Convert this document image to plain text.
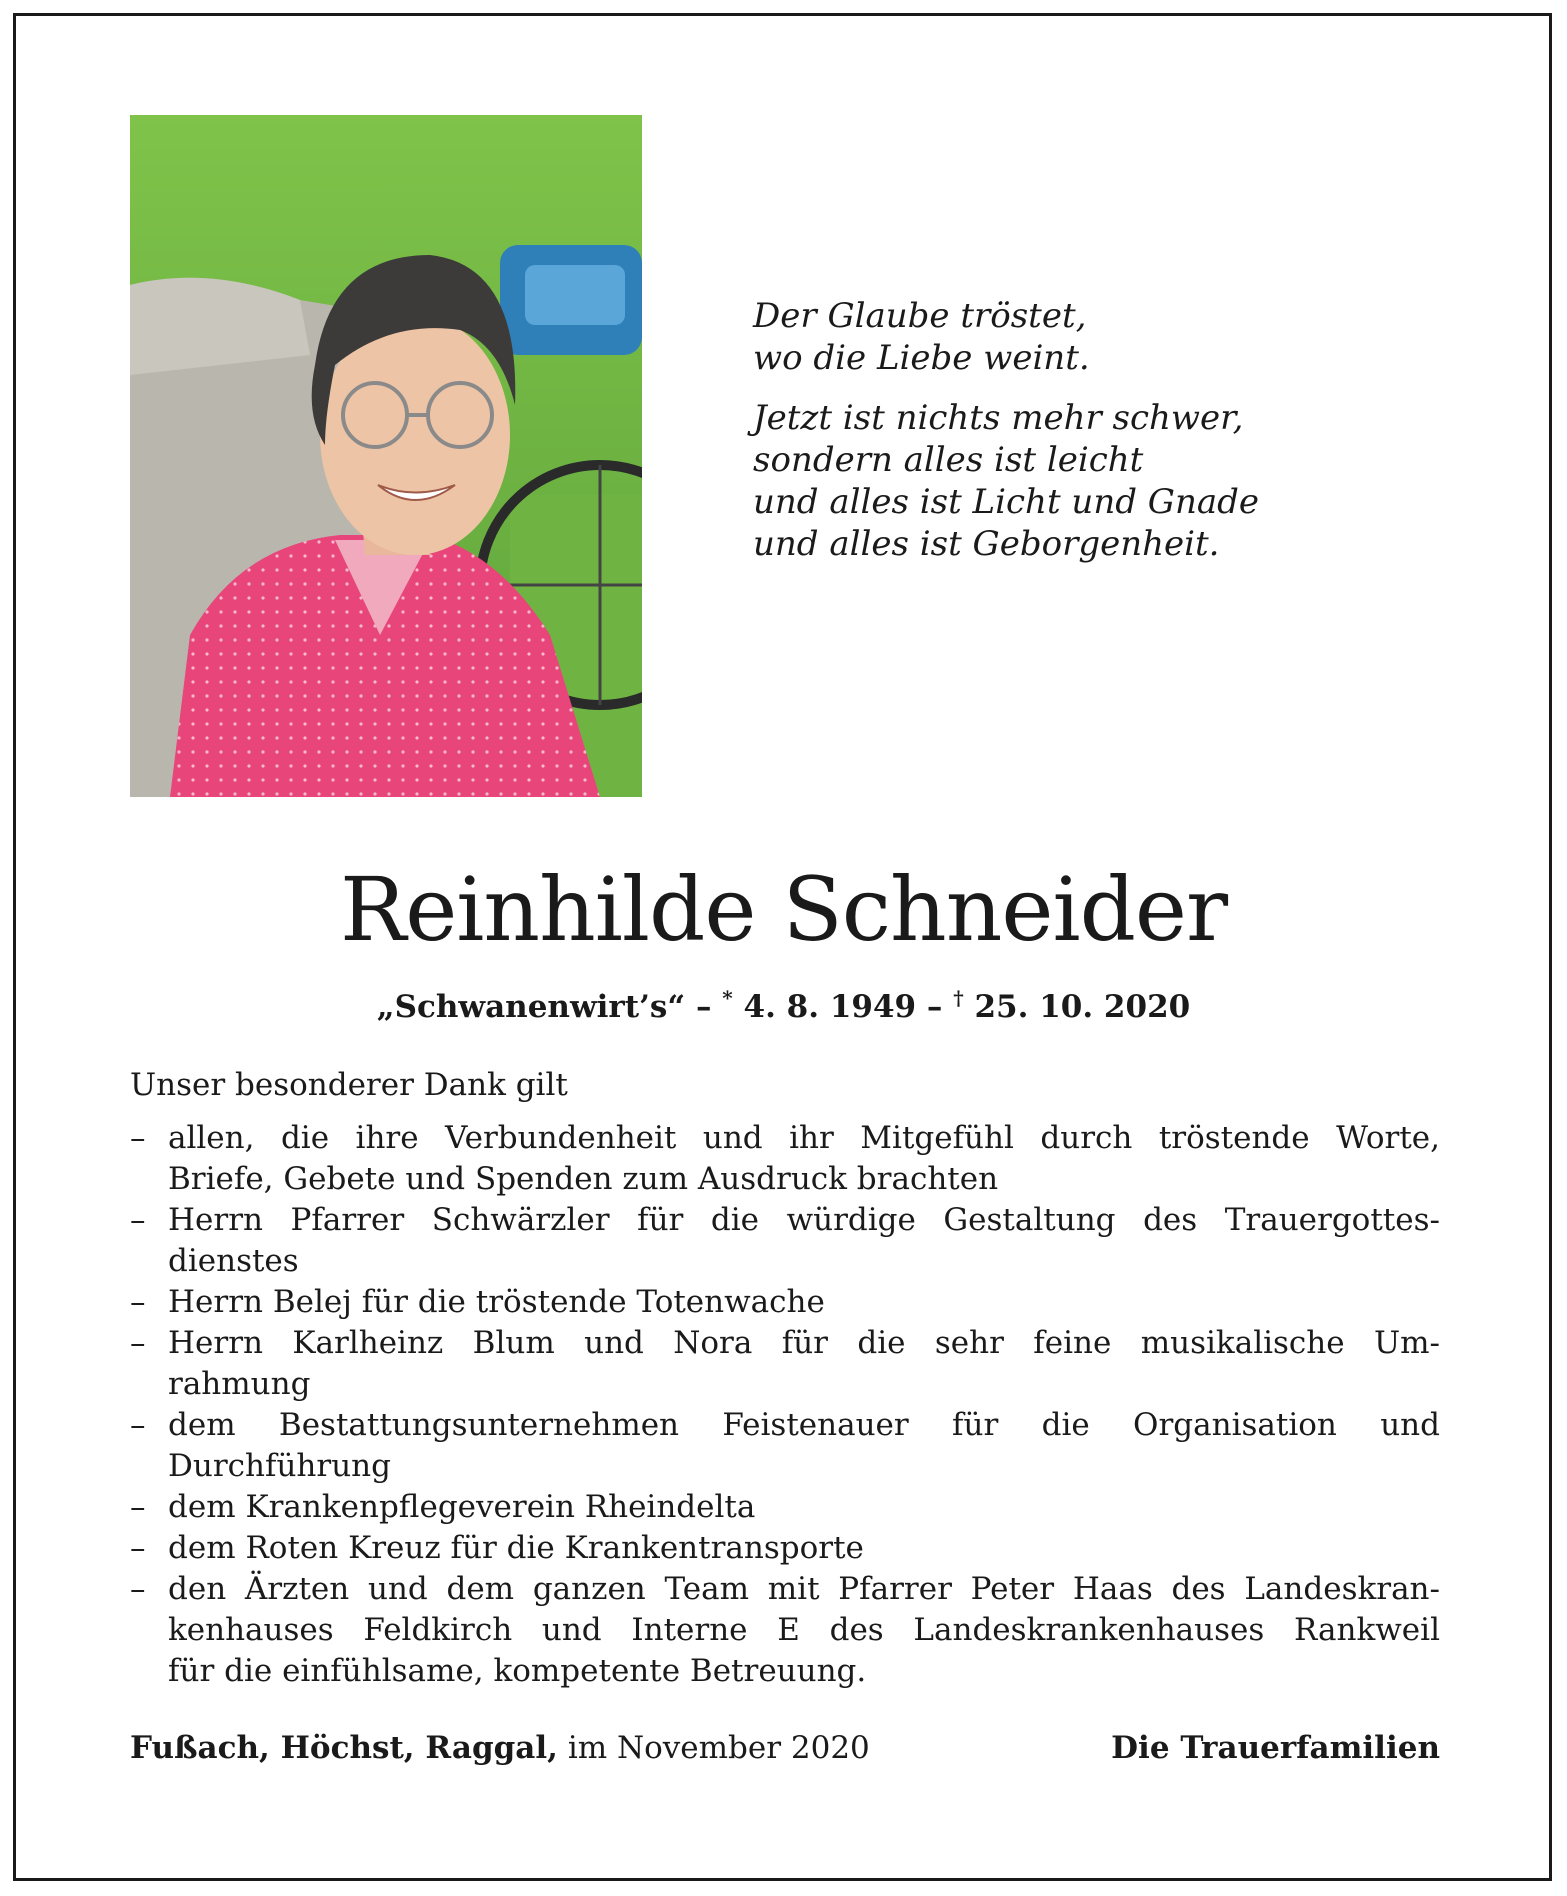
Der Glaube tröstet,
wo die Liebe weint.

Jetzt ist nichts mehr schwer,
sondern alles ist leicht
und alles ist Licht und Gnade
und alles ist Geborgenheit.

Reinhilde Schneider
„Schwanenwirt’s“ – * 4. 8. 1949 – † 25. 10. 2020
Unser besonderer Dank gilt
– allen, die ihre Verbundenheit und ihr Mitgefühl durch tröstende Worte,
Briefe, Gebete und Spenden zum Ausdruck brachten
– Herrn Pfarrer Schwärzler für die würdige Gestaltung des Trauergottes-
dienstes
– Herrn Belej für die tröstende Totenwache
– Herrn Karlheinz Blum und Nora für die sehr feine musikalische Um-
rahmung
– dem Bestattungsunternehmen Feistenauer für die Organisation und
Durchführung
– dem Krankenpflegeverein Rheindelta
– dem Roten Kreuz für die Krankentransporte
– den Ärzten und dem ganzen Team mit Pfarrer Peter Haas des Landeskran-
kenhauses Feldkirch und Interne E des Landeskrankenhauses Rankweil
für die einfühlsame, kompetente Betreuung.
Fußach, Höchst, Raggal, im November 2020	Die Trauerfamilien
